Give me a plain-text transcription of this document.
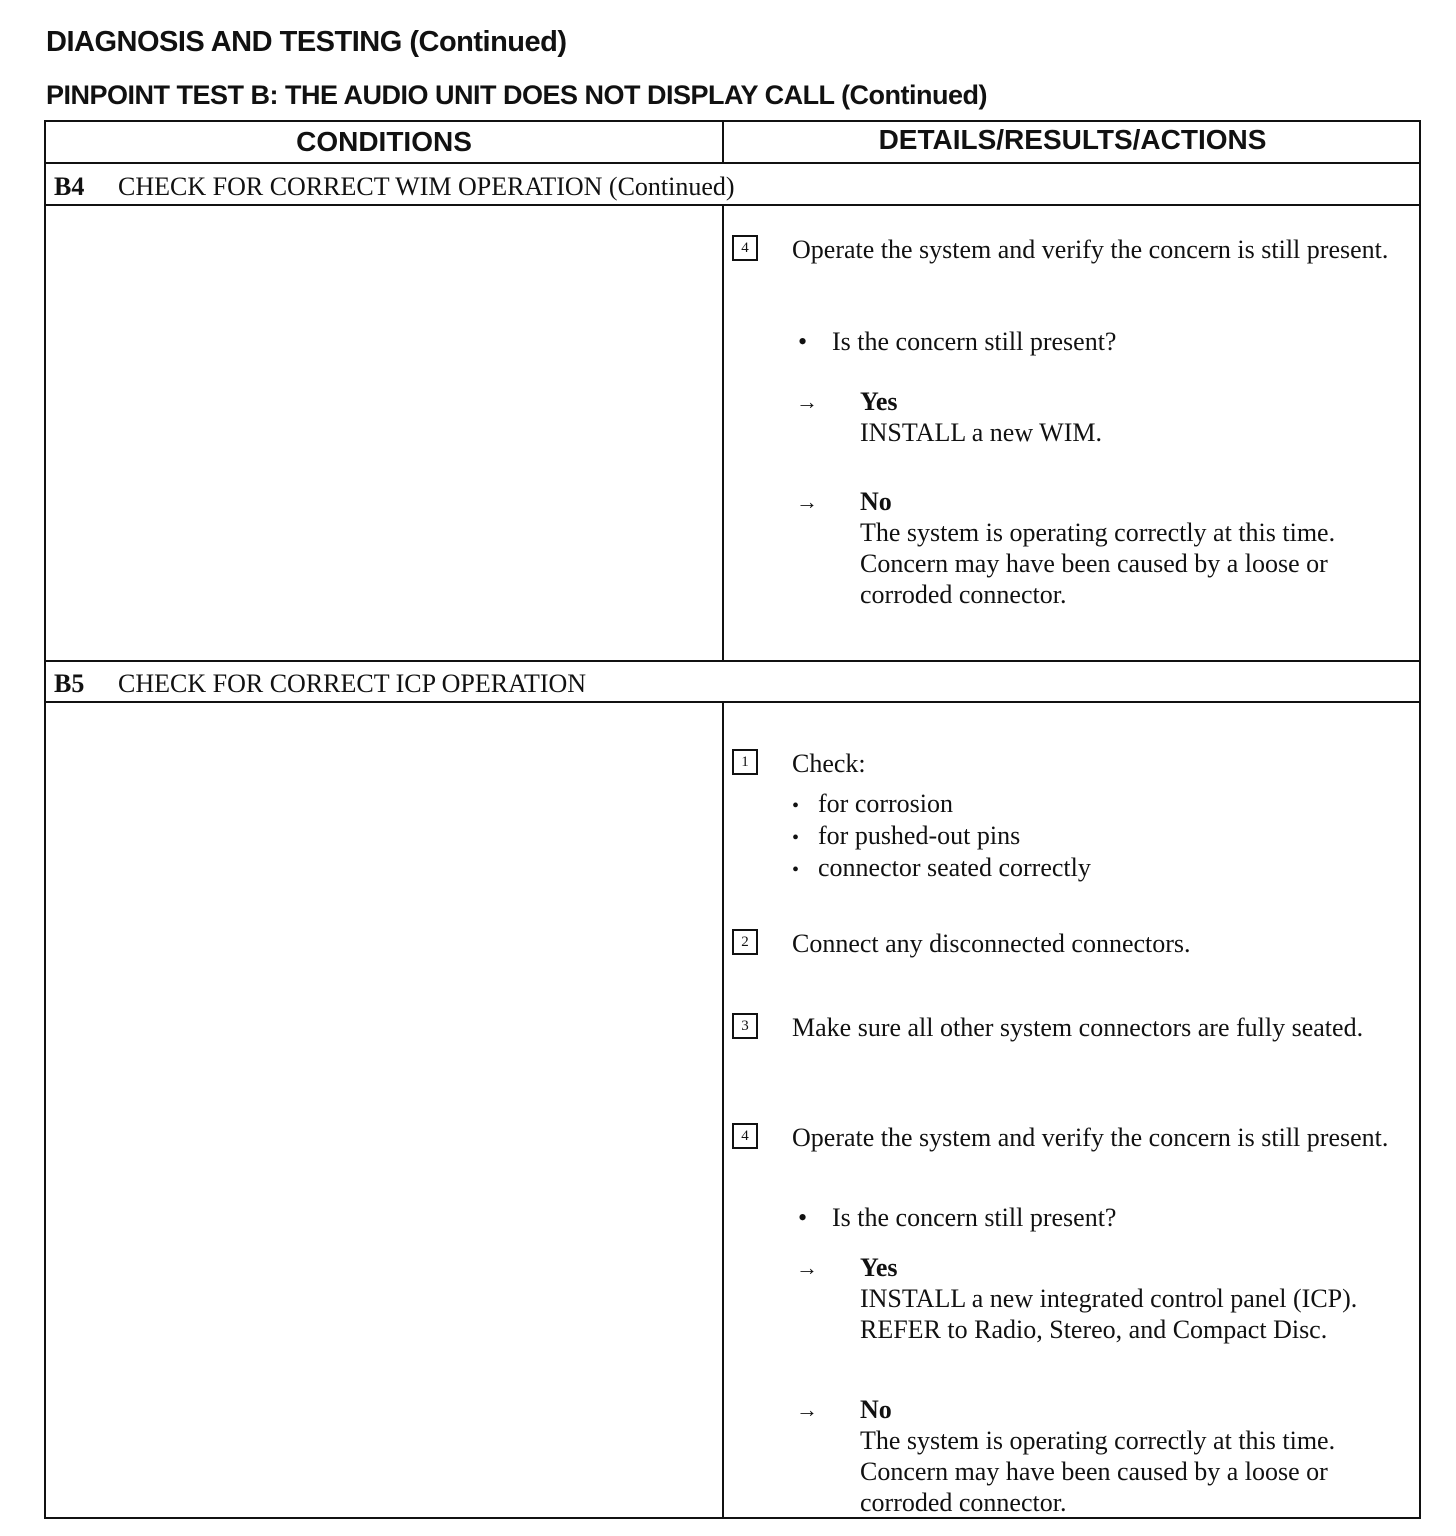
DIAGNOSIS AND TESTING (Continued)
PINPOINT TEST B: THE AUDIO UNIT DOES NOT DISPLAY CALL (Continued)
CONDITIONS	DETAILS/RESULTS/ACTIONS
B4 CHECK FOR CORRECT WIM OPERATION (Continued)
4	Operate the system and verify the concern is still present.
• Is the concern still present?
→ Yes
INSTALL a new WIM.
→ No
The system is operating correctly at this time. Concern may have been caused by a loose or corroded connector.
B5 CHECK FOR CORRECT ICP OPERATION
1	Check:
• for corrosion
• for pushed-out pins
• connector seated correctly
2	Connect any disconnected connectors.
3	Make sure all other system connectors are fully seated.
4	Operate the system and verify the concern is still present.
• Is the concern still present?
→ Yes
INSTALL a new integrated control panel (ICP). REFER to Radio, Stereo, and Compact Disc.
→ No
The system is operating correctly at this time. Concern may have been caused by a loose or corroded connector.
